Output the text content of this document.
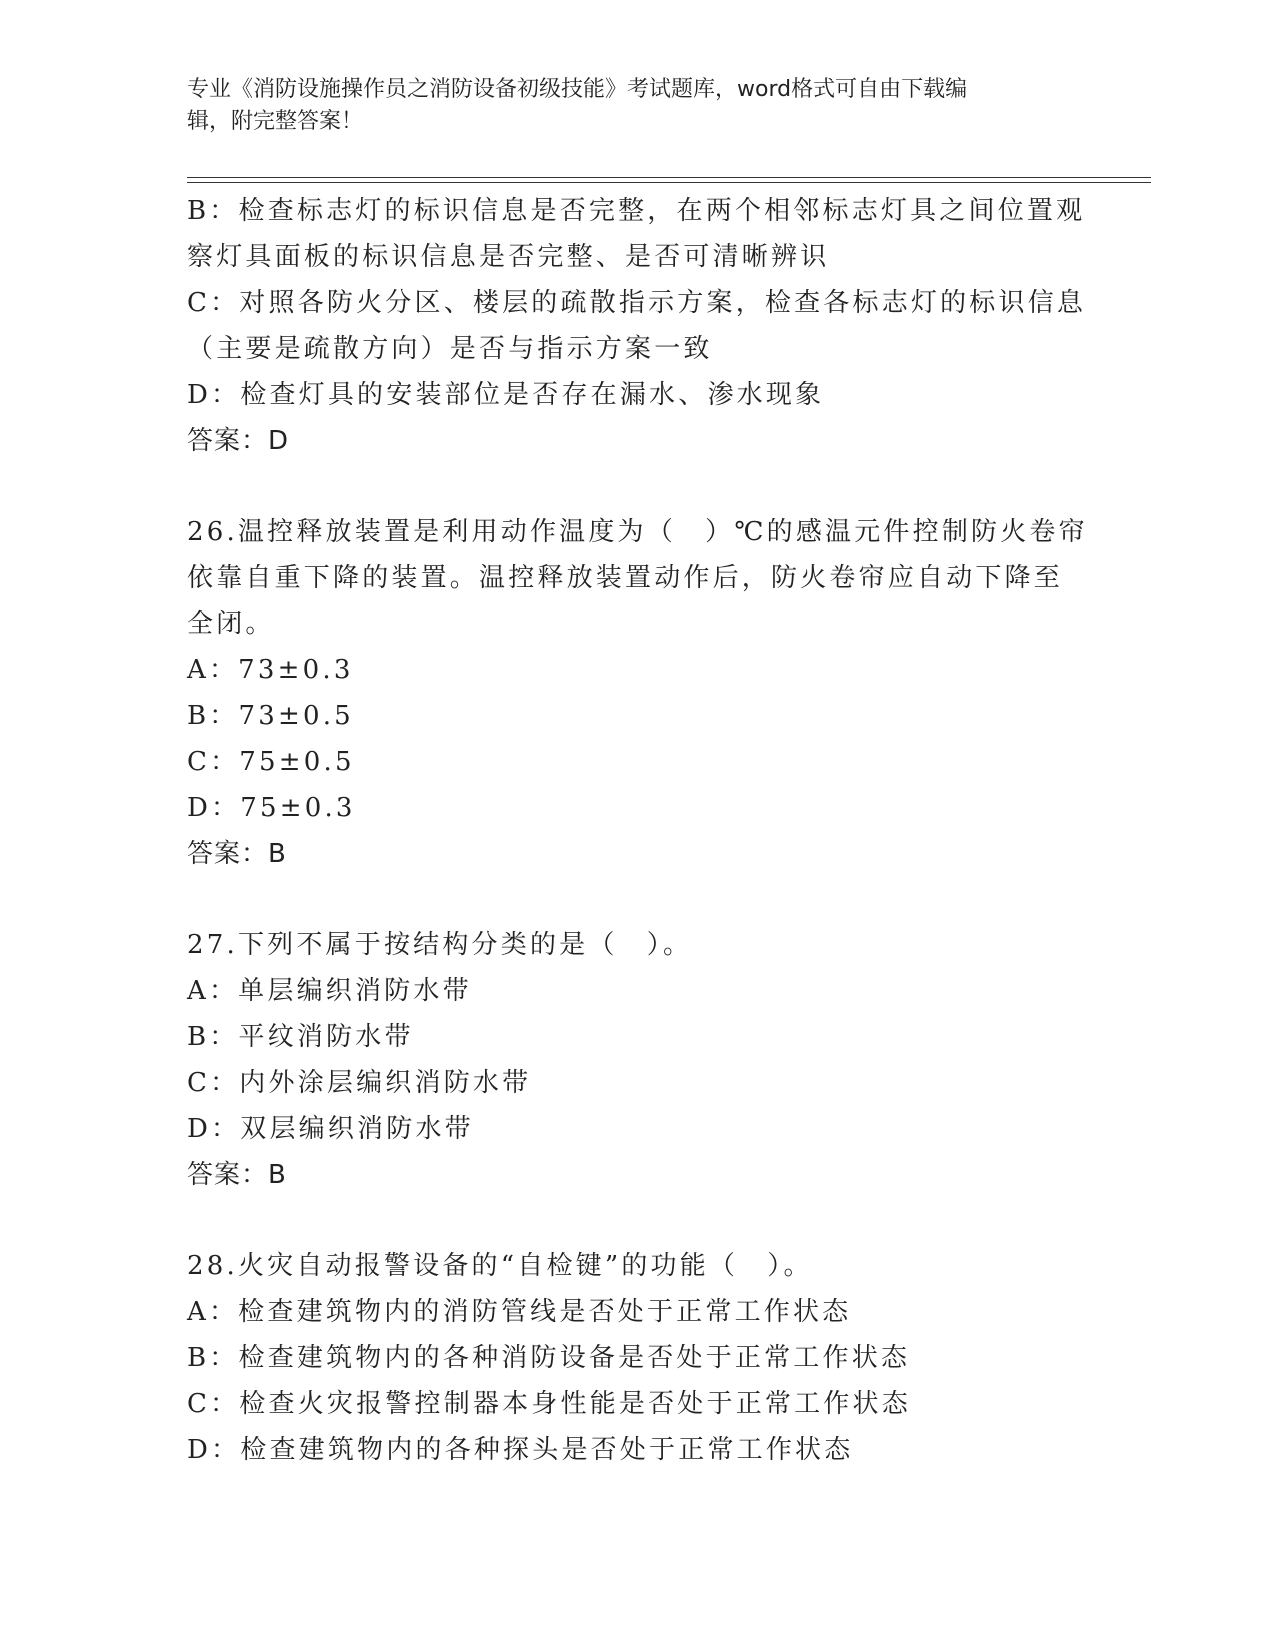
专业《消防设施操作员之消防设备初级技能》考试题库，word格式可自由下载编
辑，附完整答案！
B：检查标志灯的标识信息是否完整，在两个相邻标志灯具之间位置观
察灯具面板的标识信息是否完整、是否可清晰辨识
C：对照各防火分区、楼层的疏散指示方案，检查各标志灯的标识信息
（主要是疏散方向）是否与指示方案一致
D：检查灯具的安装部位是否存在漏水、渗水现象
答案：D
26.温控释放装置是利用动作温度为（　）℃的感温元件控制防火卷帘
依靠自重下降的装置。温控释放装置动作后，防火卷帘应自动下降至
全闭。
A：73±0.3
B：73±0.5
C：75±0.5
D：75±0.3
答案：B
27.下列不属于按结构分类的是（　）。
A：单层编织消防水带
B：平纹消防水带
C：内外涂层编织消防水带
D：双层编织消防水带
答案：B
28.火灾自动报警设备的“自检键”的功能（　）。
A：检查建筑物内的消防管线是否处于正常工作状态
B：检查建筑物内的各种消防设备是否处于正常工作状态
C：检查火灾报警控制器本身性能是否处于正常工作状态
D：检查建筑物内的各种探头是否处于正常工作状态
